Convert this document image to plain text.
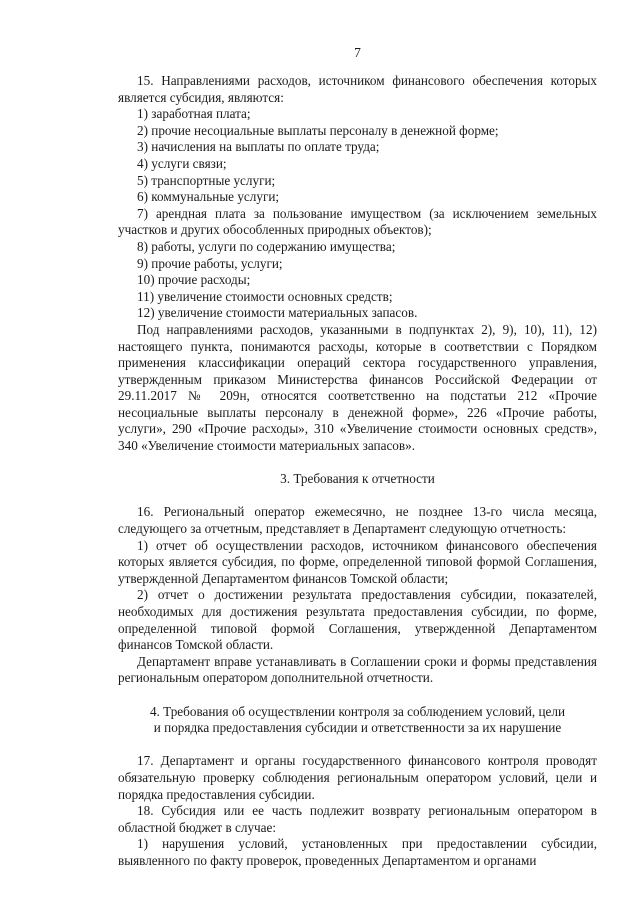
7

15. Направлениями расходов, источником финансового обеспечения которых является субсидия, являются:

1) заработная плата;

2) прочие несоциальные выплаты персоналу в денежной форме;

3) начисления на выплаты по оплате труда;

4) услуги связи;

5) транспортные услуги;

6) коммунальные услуги;

7) арендная плата за пользование имуществом (за исключением земельных участков и других обособленных природных объектов);

8) работы, услуги по содержанию имущества;

9) прочие работы, услуги;

10) прочие расходы;

11) увеличение стоимости основных средств;

12) увеличение стоимости материальных запасов.

Под направлениями расходов, указанными в подпунктах 2), 9), 10), 11), 12) настоящего пункта, понимаются расходы, которые в соответствии с Порядком применения классификации операций сектора государственного управления, утвержденным приказом Министерства финансов Российской Федерации от 29.11.2017 № 209н, относятся соответственно на подстатьи 212 «Прочие несоциальные выплаты персоналу в денежной форме», 226 «Прочие работы, услуги», 290 «Прочие расходы», 310 «Увеличение стоимости основных средств», 340 «Увеличение стоимости материальных запасов».

3. Требования к отчетности

16. Региональный оператор ежемесячно, не позднее 13-го числа месяца, следующего за отчетным, представляет в Департамент следующую отчетность:

1) отчет об осуществлении расходов, источником финансового обеспечения которых является субсидия, по форме, определенной типовой формой Соглашения, утвержденной Департаментом финансов Томской области;

2) отчет о достижении результата предоставления субсидии, показателей, необходимых для достижения результата предоставления субсидии, по форме, определенной типовой формой Соглашения, утвержденной Департаментом финансов Томской области.

Департамент вправе устанавливать в Соглашении сроки и формы представления региональным оператором дополнительной отчетности.

4. Требования об осуществлении контроля за соблюдением условий, цели

и порядка предоставления субсидии и ответственности за их нарушение

17. Департамент и органы государственного финансового контроля проводят обязательную проверку соблюдения региональным оператором условий, цели и порядка предоставления субсидии.

18. Субсидия или ее часть подлежит возврату региональным оператором в областной бюджет в случае:

1) нарушения условий, установленных при предоставлении субсидии, выявленного по факту проверок, проведенных Департаментом и органами
